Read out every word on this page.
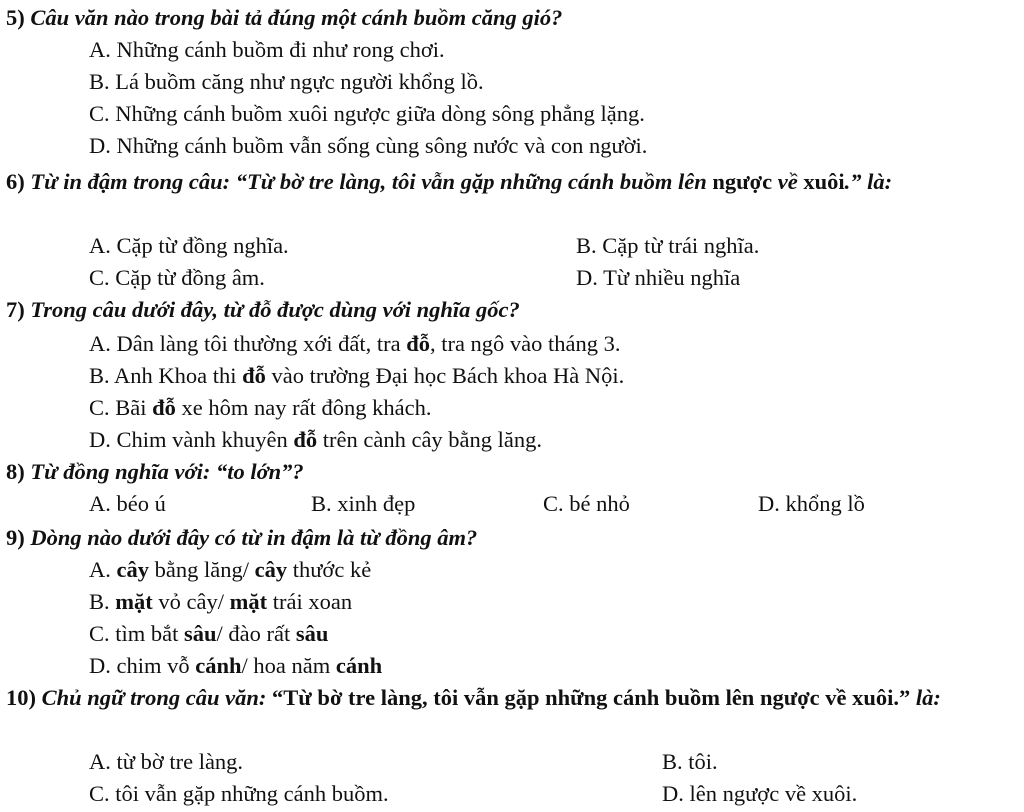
5) Câu văn nào trong bài tả đúng một cánh buồm căng gió?
A. Những cánh buồm đi như rong chơi.
B. Lá buồm căng như ngực người khổng lồ.
C. Những cánh buồm xuôi ngược giữa dòng sông phẳng lặng.
D. Những cánh buồm vẫn sống cùng sông nước và con người.
6) Từ in đậm trong câu: “Từ bờ tre làng, tôi vẫn gặp những cánh buồm lên ngược về xuôi.” là:
A. Cặp từ đồng nghĩa.	B. Cặp từ trái nghĩa.
C. Cặp từ đồng âm.	D. Từ nhiều nghĩa
7) Trong câu dưới đây, từ đỗ được dùng với nghĩa gốc?
A. Dân làng tôi thường xới đất, tra đỗ, tra ngô vào tháng 3.
B. Anh Khoa thi đỗ vào trường Đại học Bách khoa Hà Nội.
C. Bãi đỗ xe hôm nay rất đông khách.
D. Chim vành khuyên đỗ trên cành cây bằng lăng.
8) Từ đồng nghĩa với: “to lớn”?
A. béo ú	B. xinh đẹp	C. bé nhỏ	D. khổng lồ
9) Dòng nào dưới đây có từ in đậm là từ đồng âm?
A. cây bằng lăng/ cây thước kẻ
B. mặt vỏ cây/ mặt trái xoan
C. tìm bắt sâu/ đào rất sâu
D. chim vỗ cánh/ hoa năm cánh
10) Chủ ngữ trong câu văn: “Từ bờ tre làng, tôi vẫn gặp những cánh buồm lên ngược về xuôi.” là:
A. từ bờ tre làng.	B. tôi.
C. tôi vẫn gặp những cánh buồm.	D. lên ngược về xuôi.
